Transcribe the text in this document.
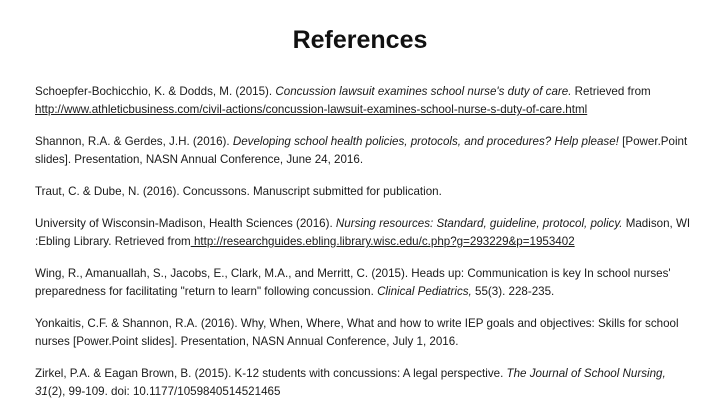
References

Schoepfer-Bochicchio, K. & Dodds, M. (2015). Concussion lawsuit examines school nurse's duty of care. Retrieved from http://www.athleticbusiness.com/civil-actions/concussion-lawsuit-examines-school-nurse-s-duty-of-care.html

Shannon, R.A. & Gerdes, J.H. (2016). Developing school health policies, protocols, and procedures? Help please! [Power.Point slides]. Presentation, NASN Annual Conference, June 24, 2016.

Traut, C. & Dube, N. (2016). Concussons. Manuscript submitted for publication.

University of Wisconsin-Madison, Health Sciences (2016). Nursing resources: Standard, guideline, protocol, policy. Madison, WI :Ebling Library. Retrieved from http://researchguides.ebling.library.wisc.edu/c.php?g=293229&p=1953402

Wing, R., Amanuallah, S., Jacobs, E., Clark, M.A., and Merritt, C. (2015). Heads up: Communication is key In school nurses' preparedness for facilitating "return to learn" following concussion. Clinical Pediatrics, 55(3). 228-235.

Yonkaitis, C.F. & Shannon, R.A. (2016). Why, When, Where, What and how to write IEP goals and objectives: Skills for school nurses [Power.Point slides]. Presentation, NASN Annual Conference, July 1, 2016.

Zirkel, P.A. & Eagan Brown, B. (2015). K-12 students with concussions: A legal perspective. The Journal of School Nursing, 31(2), 99-109. doi: 10.1177/1059840514521465
